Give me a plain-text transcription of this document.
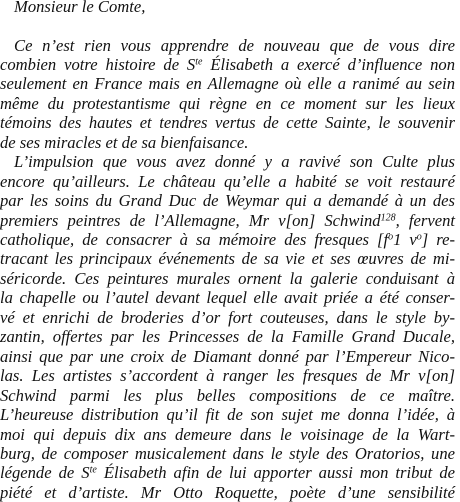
Monsieur le Comte,
Ce n’est rien vous apprendre de nouveau que de vous dire
combien votre histoire de $S^{te}$ Élisabeth a exercé d’influence non
seulement en France mais en Allemagne où elle a ranimé au sein
même du protestantisme qui règne en ce moment sur les lieux
témoins des hautes et tendres vertus de cette Sainte, le souvenir
de ses miracles et de sa bienfaisance.
L’impulsion que vous avez donné y a ravivé son Culte plus
encore qu’ailleurs. Le château qu’elle a habité se voit restauré
par les soins du Grand Duc de Weymar qui a demandé à un des
premiers peintres de l’Allemagne, Mr v[on] Schwind$^{128}$, fervent
catholique, de consacrer à sa mémoire des fresques [$f^o1$ $v^o$] re-
tracant les principaux événements de sa vie et ses œuvres de mi-
séricorde. Ces peintures murales ornent la galerie conduisant à
la chapelle ou l’autel devant lequel elle avait priée a été conser-
vé et enrichi de broderies d’or fort couteuses, dans le style by-
zantin, offertes par les Princesses de la Famille Grand Ducale,
ainsi que par une croix de Diamant donné par l’Empereur Nico-
las. Les artistes s’accordent à ranger les fresques de Mr v[on]
Schwind parmi les plus belles compositions de ce maître.
L’heureuse distribution qu’il fit de son sujet me donna l’idée, à
moi qui depuis dix ans demeure dans le voisinage de la Wart-
burg, de composer musicalement dans le style des Oratorios, une
légende de $S^{te}$ Élisabeth afin de lui apporter aussi mon tribut de
piété et d’artiste. Mr Otto Roquette, poète d’une sensibilité
